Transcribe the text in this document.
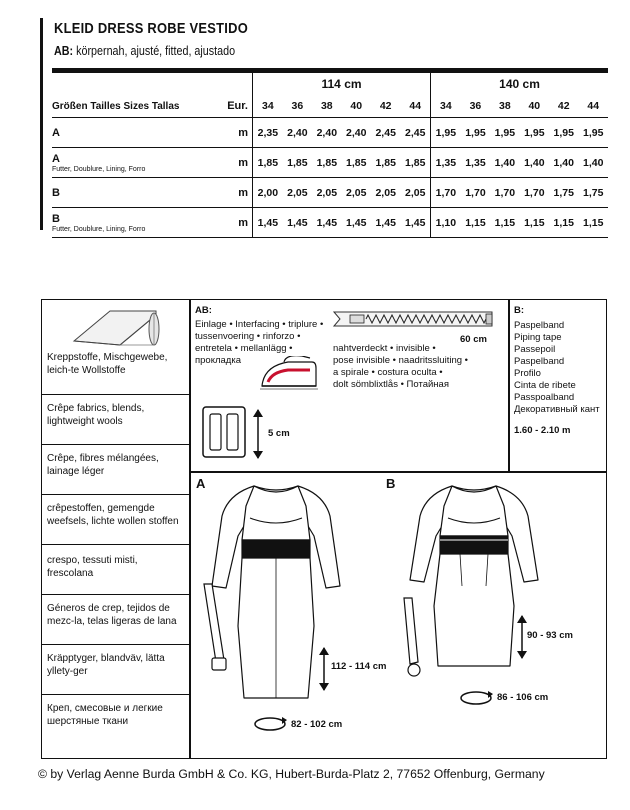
KLEID DRESS ROBE VESTIDO
AB: körpernah, ajusté, fitted, ajustado
		114 cm						140 cm					
Größen Tailles Sizes Tallas	Eur.	34	36	38	40	42	44	34	36	38	40	42	44
A	m	2,35	2,40	2,40	2,40	2,45	2,45	1,95	1,95	1,95	1,95	1,95	1,95
A
Futter, Doublure, Lining, Forro	m	1,85	1,85	1,85	1,85	1,85	1,85	1,35	1,35	1,40	1,40	1,40	1,40
B	m	2,00	2,05	2,05	2,05	2,05	2,05	1,70	1,70	1,70	1,70	1,75	1,75
B
Futter, Doublure, Lining, Forro	m	1,45	1,45	1,45	1,45	1,45	1,45	1,10	1,15	1,15	1,15	1,15	1,15
Kreppstoffe, Mischgewebe, leich-te Wollstoffe
Crêpe fabrics, blends, lightweight wools
Crêpe, fibres mélangées, lainage léger
crêpestoffen, gemengde weefsels, lichte wollen stoffen
crespo, tessuti misti, frescolana
Géneros de crep, tejidos de mezc-la, telas ligeras de lana
Kräpptyger, blandväv, lätta yllety-ger
Креп, смесовые и легкие шерстяные ткани
AB:
Einlage • Interfacing • triplure •
tussenvoering • rinforzo •
entretela • mellanlägg •
прокладка
60 cm
nahtverdeckt • invisible •
pose invisible • naadritssluiting •
a spirale • costura oculta •
dolt sömblixtlås • Потайная
5 cm
B:
Paspelband
Piping tape
Passepoil
Paspelband
Profilo
Cinta de ribete
Passpoalband
Декоративный кант
1.60 - 2.10 m
A
112 - 114 cm
82 - 102 cm
B
90 - 93 cm
86 - 106 cm
© by Verlag Aenne Burda GmbH & Co. KG, Hubert-Burda-Platz 2, 77652 Offenburg, Germany
